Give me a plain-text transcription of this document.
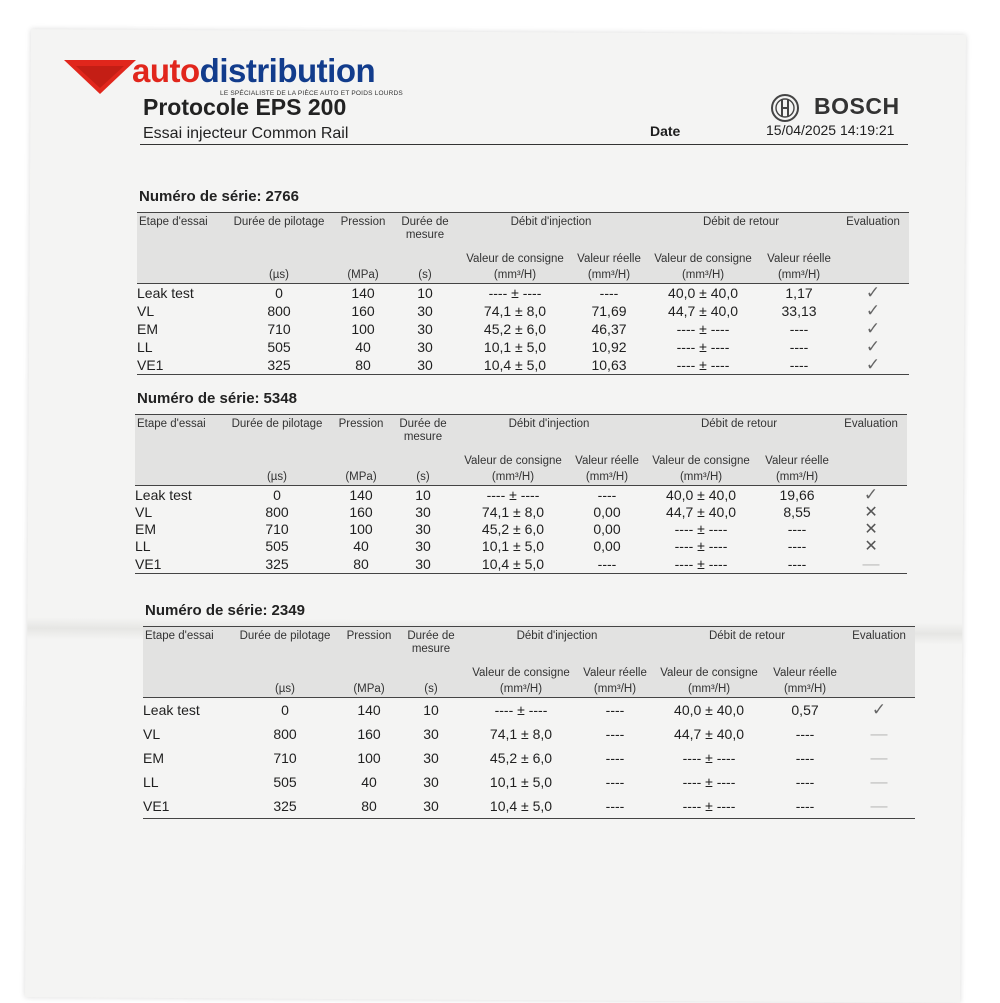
autodistribution
LE SPÉCIALISTE DE LA PIÈCE AUTO ET POIDS LOURDS
Protocole EPS 200
Essai injecteur Common Rail	Date	15/04/2025 14:19:21
BOSCH
Numéro de série: 2766
Etape d'essai	Durée de pilotage	Pression	Durée de mesure	Débit d'injection		Débit de retour		Evaluation
				Valeur de consigne	Valeur réelle	Valeur de consigne	Valeur réelle	
	(µs)	(MPa)	(s)	(mm³/H)	(mm³/H)	(mm³/H)	(mm³/H)	
Leak test	0	140	10	---- ± ----	----	40,0 ± 40,0	1,17	✓
VL	800	160	30	74,1 ± 8,0	71,69	44,7 ± 40,0	33,13	✓
EM	710	100	30	45,2 ± 6,0	46,37	---- ± ----	----	✓
LL	505	40	30	10,1 ± 5,0	10,92	---- ± ----	----	✓
VE1	325	80	30	10,4 ± 5,0	10,63	---- ± ----	----	✓
Numéro de série: 5348
Etape d'essai	Durée de pilotage	Pression	Durée de mesure	Débit d'injection		Débit de retour		Evaluation
				Valeur de consigne	Valeur réelle	Valeur de consigne	Valeur réelle	
	(µs)	(MPa)	(s)	(mm³/H)	(mm³/H)	(mm³/H)	(mm³/H)	
Leak test	0	140	10	---- ± ----	----	40,0 ± 40,0	19,66	✓
VL	800	160	30	74,1 ± 8,0	0,00	44,7 ± 40,0	8,55	✕
EM	710	100	30	45,2 ± 6,0	0,00	---- ± ----	----	✕
LL	505	40	30	10,1 ± 5,0	0,00	---- ± ----	----	✕
VE1	325	80	30	10,4 ± 5,0	----	---- ± ----	----	—
Numéro de série: 2349
Etape d'essai	Durée de pilotage	Pression	Durée de mesure	Débit d'injection		Débit de retour		Evaluation
				Valeur de consigne	Valeur réelle	Valeur de consigne	Valeur réelle	
	(µs)	(MPa)	(s)	(mm³/H)	(mm³/H)	(mm³/H)	(mm³/H)	
Leak test	0	140	10	---- ± ----	----	40,0 ± 40,0	0,57	✓
VL	800	160	30	74,1 ± 8,0	----	44,7 ± 40,0	----	—
EM	710	100	30	45,2 ± 6,0	----	---- ± ----	----	—
LL	505	40	30	10,1 ± 5,0	----	---- ± ----	----	—
VE1	325	80	30	10,4 ± 5,0	----	---- ± ----	----	—
